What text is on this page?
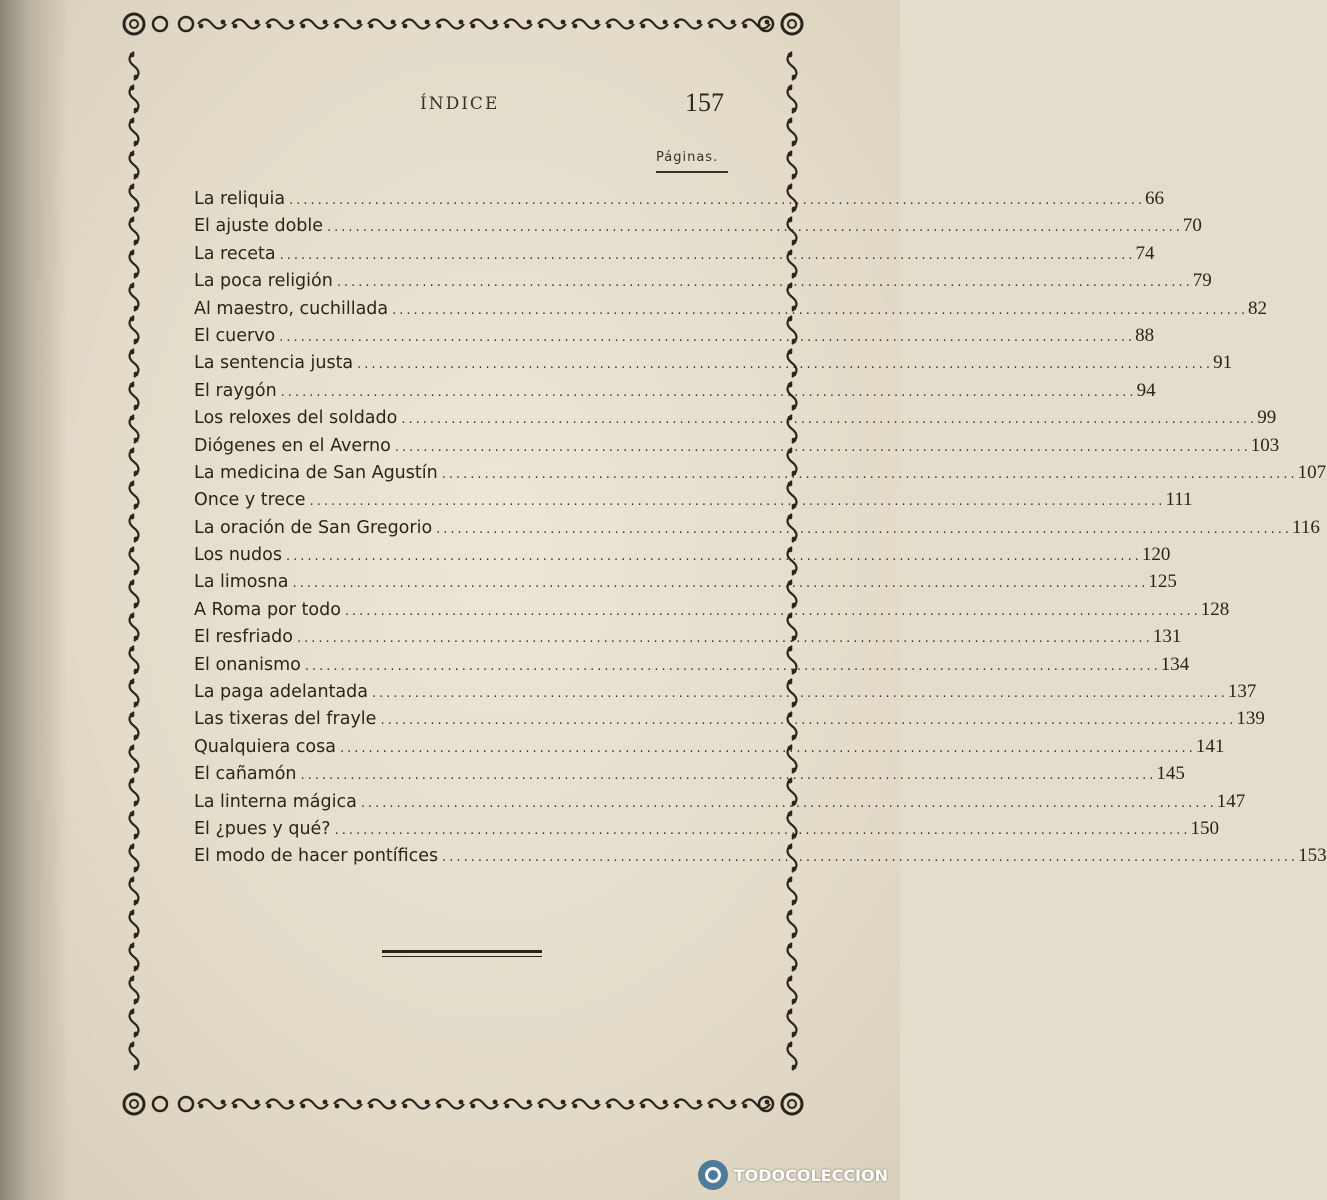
ÍNDICE	157
Páginas.
La reliquia ........................................................................................................................ 66
El ajuste doble ........................................................................................................................ 70
La receta ........................................................................................................................ 74
La poca religión ........................................................................................................................ 79
Al maestro, cuchillada ........................................................................................................................ 82
El cuervo ........................................................................................................................ 88
La sentencia justa ........................................................................................................................ 91
El raygón ........................................................................................................................ 94
Los reloxes del soldado ........................................................................................................................ 99
Diógenes en el Averno ........................................................................................................................ 103
La medicina de San Agustín ........................................................................................................................ 107
Once y trece ........................................................................................................................ 111
La oración de San Gregorio ........................................................................................................................ 116
Los nudos ........................................................................................................................ 120
La limosna ........................................................................................................................ 125
A Roma por todo ........................................................................................................................ 128
El resfriado ........................................................................................................................ 131
El onanismo ........................................................................................................................ 134
La paga adelantada ........................................................................................................................ 137
Las tixeras del frayle ........................................................................................................................ 139
Qualquiera cosa ........................................................................................................................ 141
El cañamón ........................................................................................................................ 145
La linterna mágica ........................................................................................................................ 147
El ¿pues y qué? ........................................................................................................................ 150
El modo de hacer pontífices ........................................................................................................................ 153
TODOCOLECCION
